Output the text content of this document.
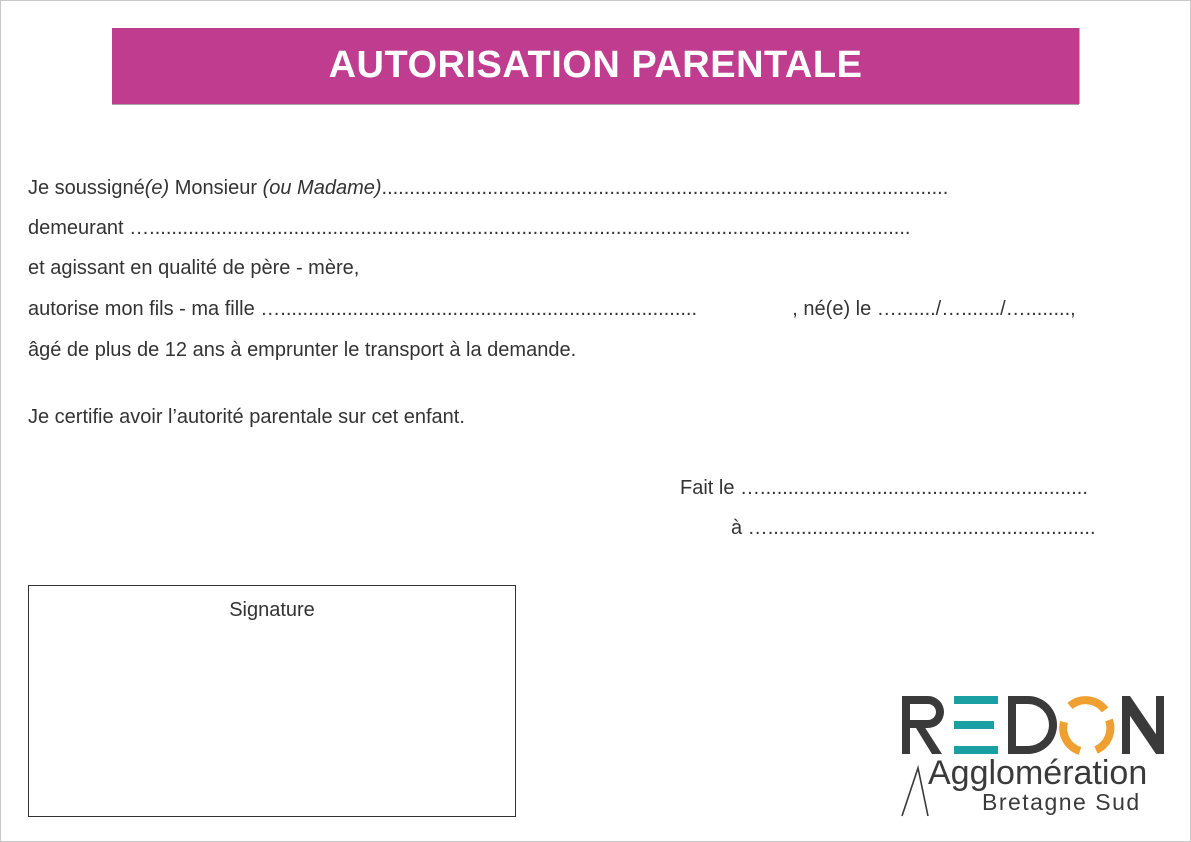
AUTORISATION PARENTALE
Je soussigné(e) Monsieur (ou Madame)......................................................................................................
demeurant ….........................................................................................................................................
et agissant en qualité de père - mère,
autorise mon fils - ma fille …...........................................................................	, né(e) le …......./…......./…........,
âgé de plus de 12 ans à emprunter le transport à la demande.
Je certifie avoir l’autorité parentale sur cet enfant.
Fait le …...........................................................
à …...........................................................
Signature
Agglomération
Bretagne Sud
